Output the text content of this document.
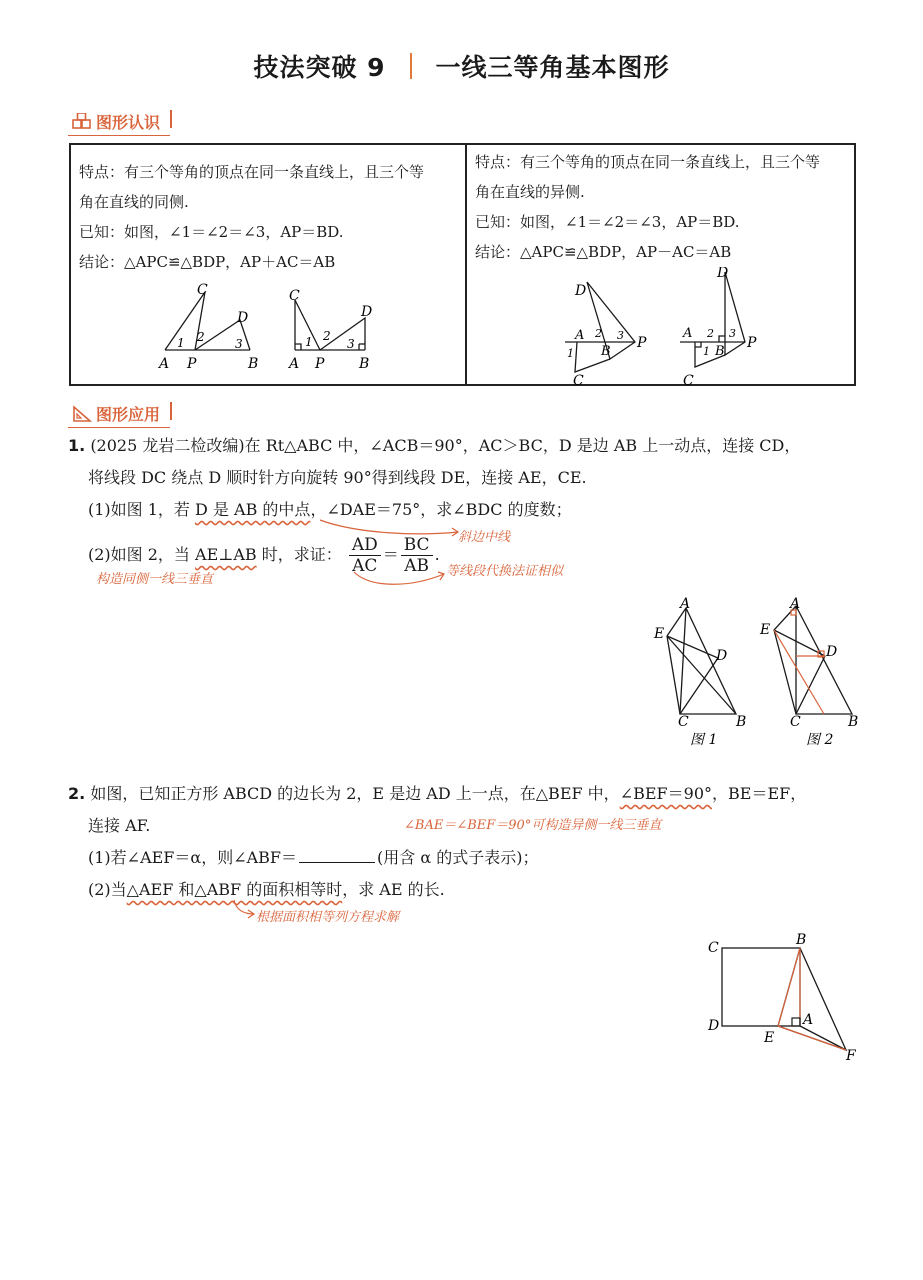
技法突破 9 一线三等角基本图形
图形认识
特点：有三个等角的顶点在同一条直线上，且三个等
角在直线的同侧.
已知：如图，∠1＝∠2＝∠3，AP＝BD.
结论：△APC≌△BDP，AP＋AC＝AB
特点：有三个等角的顶点在同一条直线上，且三个等
角在直线的异侧.
已知：如图，∠1＝∠2＝∠3，AP＝BD.
结论：△APC≌△BDP，AP－AC＝AB
A P	B
C
D
1 2	3
A P B
C
D
1 2
3
D
A
B
P
C
1
2 3
D
A
B
P
C
1
2 3
图形应用
1. (2025 龙岩二检改编)在 Rt△ABC 中，∠ACB＝90°，AC＞BC，D 是边 AB 上一动点，连接 CD，
将线段 DC 绕点 D 顺时针方向旋转 90°得到线段 DE，连接 AE，CE.
(1)如图 1，若 D 是 AB 的中点，∠DAE＝75°，求∠BDC 的度数；
斜边中线
(2)如图 2，当 AE⊥AB 时，求证： $\frac{AD}{AC} = \frac{BC}{AB}$ .
构造同侧一线三垂直
等线段代换法证相似
A
E
D
C	B
图 1
A
E
D
C	B
图 2
2. 如图，已知正方形 ABCD 的边长为 2，E 是边 AD 上一点，在△BEF 中，∠BEF＝90°，BE＝EF，
连接 AF.	∠BAE＝∠BEF＝90°可构造异侧一线三垂直
(1)若∠AEF＝α，则∠ABF＝	(用含 α 的式子表示)；
(2)当△AEF 和△ABF 的面积相等时，求 AE 的长.
根据面积相等列方程求解
C	B
D	A
E
F
